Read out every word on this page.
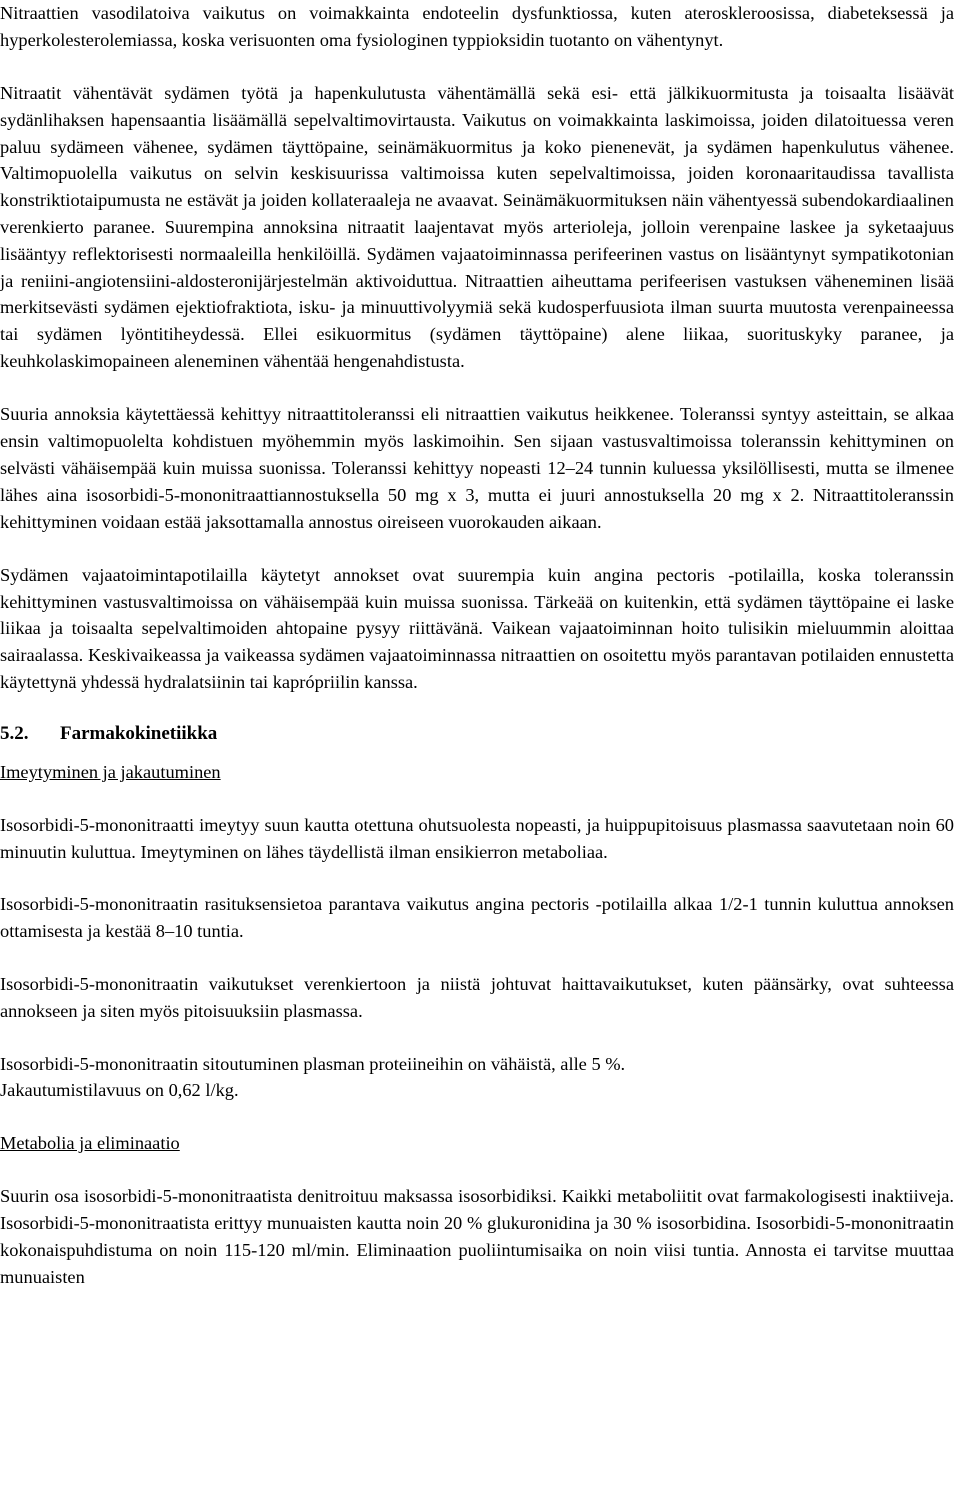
Nitraattien vasodilatoiva vaikutus on voimakkainta endoteelin dysfunktiossa, kuten ateroskleroosissa, diabeteksessä ja hyperkolesterolemiassa, koska verisuonten oma fysiologinen typpioksidin tuotanto on vähentynyt.

Nitraatit vähentävät sydämen työtä ja hapenkulutusta vähentämällä sekä esi- että jälkikuormitusta ja toisaalta lisäävät sydänlihaksen hapensaantia lisäämällä sepelvaltimovirtausta. Vaikutus on voimakkainta laskimoissa, joiden dilatoituessa veren paluu sydämeen vähenee, sydämen täyttöpaine, seinämäkuormitus ja koko pienenevät, ja sydämen hapenkulutus vähenee. Valtimopuolella vaikutus on selvin keskisuurissa valtimoissa kuten sepelvaltimoissa, joiden koronaaritaudissa tavallista konstriktiotaipumusta ne estävät ja joiden kollateraaleja ne avaavat. Seinämäkuormituksen näin vähentyessä subendokardiaalinen verenkierto paranee. Suurempina annoksina nitraatit laajentavat myös arterioleja, jolloin verenpaine laskee ja syketaajuus lisääntyy reflektorisesti normaaleilla henkilöillä. Sydämen vajaatoiminnassa perifeerinen vastus on lisääntynyt sympatikotonian ja reniini-angiotensiini-aldosteronijärjestelmän aktivoiduttua. Nitraattien aiheuttama perifeerisen vastuksen väheneminen lisää merkitsevästi sydämen ejektiofraktiota, isku- ja minuuttivolyymiä sekä kudosperfuusiota ilman suurta muutosta verenpaineessa tai sydämen lyöntitiheydessä. Ellei esikuormitus (sydämen täyttöpaine) alene liikaa, suorituskyky paranee, ja keuhkolaskimopaineen aleneminen vähentää hengenahdistusta.

Suuria annoksia käytettäessä kehittyy nitraattitoleranssi eli nitraattien vaikutus heikkenee. Toleranssi syntyy asteittain, se alkaa ensin valtimopuolelta kohdistuen myöhemmin myös laskimoihin. Sen sijaan vastusvaltimoissa toleranssin kehittyminen on selvästi vähäisempää kuin muissa suonissa. Toleranssi kehittyy nopeasti 12–24 tunnin kuluessa yksilöllisesti, mutta se ilmenee lähes aina isosorbidi-5-mononitraattiannostuksella 50 mg x 3, mutta ei juuri annostuksella 20 mg x 2. Nitraattitoleranssin kehittyminen voidaan estää jaksottamalla annostus oireiseen vuorokauden aikaan.

Sydämen vajaatoimintapotilailla käytetyt annokset ovat suurempia kuin angina pectoris -potilailla, koska toleranssin kehittyminen vastusvaltimoissa on vähäisempää kuin muissa suonissa. Tärkeää on kuitenkin, että sydämen täyttöpaine ei laske liikaa ja toisaalta sepelvaltimoiden ahtopaine pysyy riittävänä. Vaikean vajaatoiminnan hoito tulisikin mieluummin aloittaa sairaalassa. Keskivaikeassa ja vaikeassa sydämen vajaatoiminnassa nitraattien on osoitettu myös parantavan potilaiden ennustetta käytettynä yhdessä hydralatsiinin tai kaprópriilin kanssa.

5.2. Farmakokinetiikka
Imeytyminen ja jakautuminen

Isosorbidi-5-mononitraatti imeytyy suun kautta otettuna ohutsuolesta nopeasti, ja huippupitoisuus plasmassa saavutetaan noin 60 minuutin kuluttua. Imeytyminen on lähes täydellistä ilman ensikierron metaboliaa.

Isosorbidi-5-mononitraatin rasituksensietoa parantava vaikutus angina pectoris -potilailla alkaa 1/2-1 tunnin kuluttua annoksen ottamisesta ja kestää 8–10 tuntia.

Isosorbidi-5-mononitraatin vaikutukset verenkiertoon ja niistä johtuvat haittavaikutukset, kuten päänsärky, ovat suhteessa annokseen ja siten myös pitoisuuksiin plasmassa.

Isosorbidi-5-mononitraatin sitoutuminen plasman proteiineihin on vähäistä, alle 5 %.

Jakautumistilavuus on 0,62 l/kg.

Metabolia ja eliminaatio

Suurin osa isosorbidi-5-mononitraatista denitroituu maksassa isosorbidiksi. Kaikki metaboliitit ovat farmakologisesti inaktiiveja. Isosorbidi-5-mononitraatista erittyy munuaisten kautta noin 20 % glukuronidina ja 30 % isosorbidina. Isosorbidi-5-mononitraatin kokonaispuhdistuma on noin 115-120 ml/min. Eliminaation puoliintumisaika on noin viisi tuntia. Annosta ei tarvitse muuttaa munuaisten
